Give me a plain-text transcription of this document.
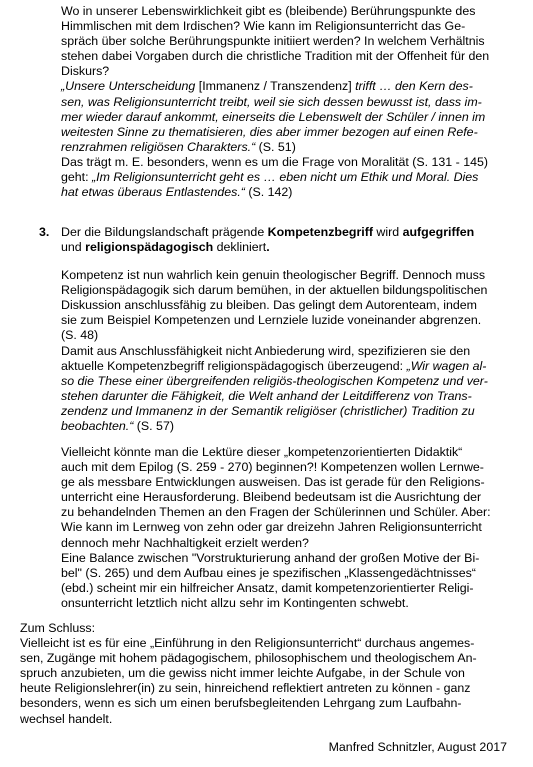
Wo in unserer Lebenswirklichkeit gibt es (bleibende) Berührungspunkte des
Himmlischen mit dem Irdischen? Wie kann im Religionsunterricht das Ge-
spräch über solche Berührungspunkte initiiert werden? In welchem Verhältnis
stehen dabei Vorgaben durch die christliche Tradition mit der Offenheit für den
Diskurs?
„Unsere Unterscheidung [Immanenz / Transzendenz] trifft … den Kern des-
sen, was Religionsunterricht treibt, weil sie sich dessen bewusst ist, dass im-
mer wieder darauf ankommt, einerseits die Lebenswelt der Schüler / innen im
weitesten Sinne zu thematisieren, dies aber immer bezogen auf einen Refe-
renzrahmen religiösen Charakters.“ (S. 51)
Das trägt m. E. besonders, wenn es um die Frage von Moralität (S. 131 - 145)
geht: „Im Religionsunterricht geht es … eben nicht um Ethik und Moral. Dies
hat etwas überaus Entlastendes.“ (S. 142)
3. Der die Bildungslandschaft prägende Kompetenzbegriff wird aufgegriffen
und religionspädagogisch dekliniert.
Kompetenz ist nun wahrlich kein genuin theologischer Begriff. Dennoch muss
Religionspädagogik sich darum bemühen, in der aktuellen bildungspolitischen
Diskussion anschlussfähig zu bleiben. Das gelingt dem Autorenteam, indem
sie zum Beispiel Kompetenzen und Lernziele luzide voneinander abgrenzen.
(S. 48)
Damit aus Anschlussfähigkeit nicht Anbiederung wird, spezifizieren sie den
aktuelle Kompetenzbegriff religionspädagogisch überzeugend: „Wir wagen al-
so die These einer übergreifenden religiös-theologischen Kompetenz und ver-
stehen darunter die Fähigkeit, die Welt anhand der Leitdifferenz von Trans-
zendenz und Immanenz in der Semantik religiöser (christlicher) Tradition zu
beobachten.“ (S. 57)
Vielleicht könnte man die Lektüre dieser „kompetenzorientierten Didaktik“
auch mit dem Epilog (S. 259 - 270) beginnen?! Kompetenzen wollen Lernwe-
ge als messbare Entwicklungen ausweisen. Das ist gerade für den Religions-
unterricht eine Herausforderung. Bleibend bedeutsam ist die Ausrichtung der
zu behandelnden Themen an den Fragen der Schülerinnen und Schüler. Aber:
Wie kann im Lernweg von zehn oder gar dreizehn Jahren Religionsunterricht
dennoch mehr Nachhaltigkeit erzielt werden?
Eine Balance zwischen "Vorstrukturierung anhand der großen Motive der Bi-
bel" (S. 265) und dem Aufbau eines je spezifischen „Klassengedächtnisses“
(ebd.) scheint mir ein hilfreicher Ansatz, damit kompetenzorientierter Religi-
onsunterricht letztlich nicht allzu sehr im Kontingenten schwebt.
Zum Schluss:
Vielleicht ist es für eine „Einführung in den Religionsunterricht“ durchaus angemes-
sen, Zugänge mit hohem pädagogischem, philosophischem und theologischem An-
spruch anzubieten, um die gewiss nicht immer leichte Aufgabe, in der Schule von
heute Religionslehrer(in) zu sein, hinreichend reflektiert antreten zu können - ganz
besonders, wenn es sich um einen berufsbegleitenden Lehrgang zum Laufbahn-
wechsel handelt.
Manfred Schnitzler, August 2017
